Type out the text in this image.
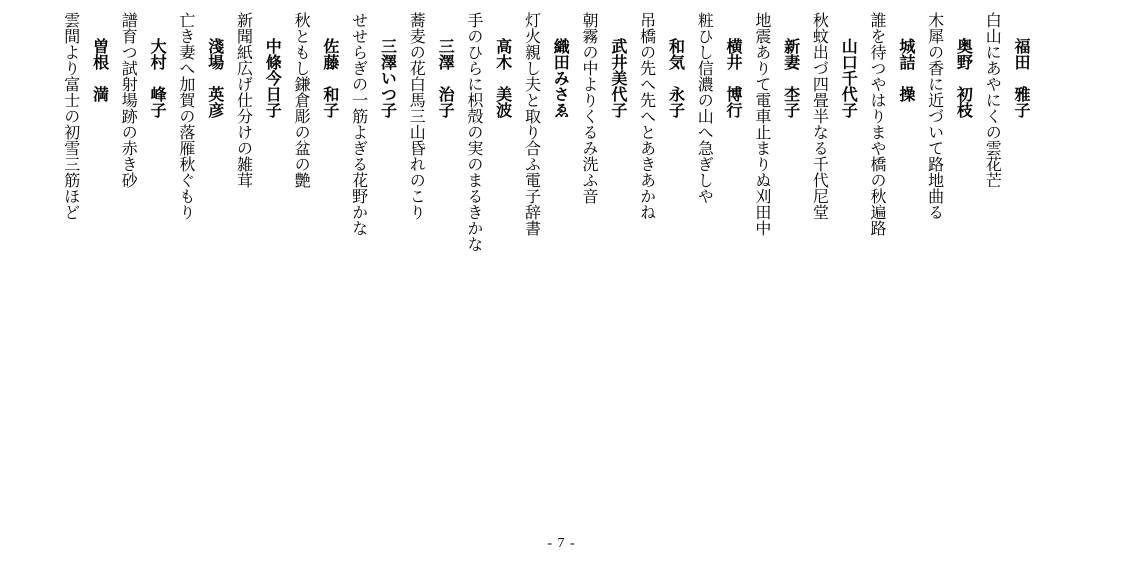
福田　雅子
白山にあやにくの雲花芒
奥野　初枝
木犀の香に近づいて路地曲る
城詰　操
誰を待つやはりまや橋の秋遍路
山口千代子
秋蚊出づ四畳半なる千代尼堂
新妻　杢子
地震ありて電車止まりぬ刈田中
横井　博行
粧ひし信濃の山へ急ぎしや
和気　永子
吊橋の先へ先へとあきあかね
武井美代子
朝霧の中よりくるみ洗ふ音
織田みさゑ
灯火親し夫と取り合ふ電子辞書
高木　美波
手のひらに枳殻の実のまるきかな
三澤　治子
蕎麦の花白馬三山昏れのこり
三澤いつ子
せせらぎの一筋よぎる花野かな
佐藤　和子
秋ともし鎌倉彫の盆の艶
中條今日子
新聞紙広げ仕分けの雑茸
淺場　英彦
亡き妻へ加賀の落雁秋ぐもり
大村　峰子
譜育つ試射場跡の赤き砂
曽根　満
雲間より富士の初雪三筋ほど
- 7 -
